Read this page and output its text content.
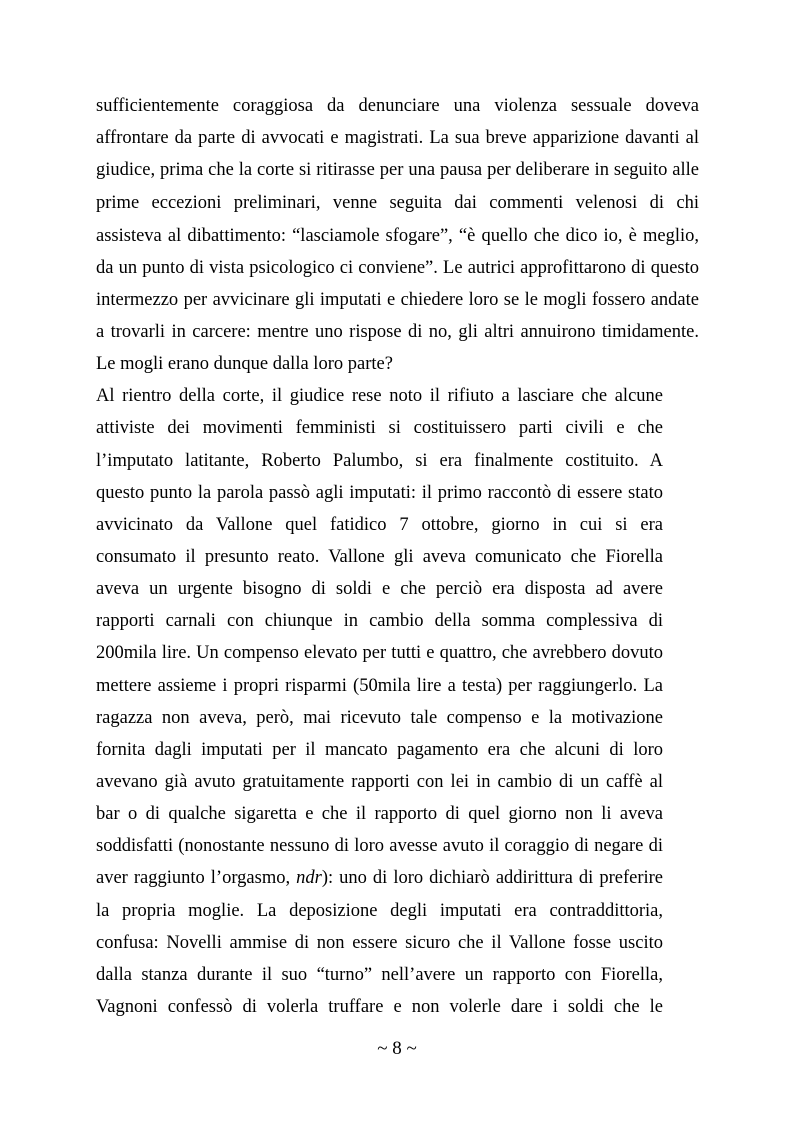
sufficientemente coraggiosa da denunciare una violenza sessuale doveva
affrontare da parte di avvocati e magistrati. La sua breve apparizione davanti al
giudice, prima che la corte si ritirasse per una pausa per deliberare in seguito alle
prime eccezioni preliminari, venne seguita dai commenti velenosi di chi
assisteva al dibattimento: “lasciamole sfogare”, “è quello che dico io, è meglio,
da un punto di vista psicologico ci conviene”. Le autrici approfittarono di questo
intermezzo per avvicinare gli imputati e chiedere loro se le mogli fossero andate
a trovarli in carcere: mentre uno rispose di no, gli altri annuirono timidamente.
Le mogli erano dunque dalla loro parte?
Al rientro della corte, il giudice rese noto il rifiuto a lasciare che alcune
attiviste dei movimenti femministi si costituissero parti civili e che
l’imputato latitante, Roberto Palumbo, si era finalmente costituito. A
questo punto la parola passò agli imputati: il primo raccontò di essere stato
avvicinato da Vallone quel fatidico 7 ottobre, giorno in cui si era
consumato il presunto reato. Vallone gli aveva comunicato che Fiorella
aveva un urgente bisogno di soldi e che perciò era disposta ad avere
rapporti carnali con chiunque in cambio della somma complessiva di
200mila lire. Un compenso elevato per tutti e quattro, che avrebbero dovuto
mettere assieme i propri risparmi (50mila lire a testa) per raggiungerlo. La
ragazza non aveva, però, mai ricevuto tale compenso e la motivazione
fornita dagli imputati per il mancato pagamento era che alcuni di loro
avevano già avuto gratuitamente rapporti con lei in cambio di un caffè al
bar o di qualche sigaretta e che il rapporto di quel giorno non li aveva
soddisfatti (nonostante nessuno di loro avesse avuto il coraggio di negare di
aver raggiunto l’orgasmo, ndr): uno di loro dichiarò addirittura di preferire
la propria moglie. La deposizione degli imputati era contraddittoria,
confusa: Novelli ammise di non essere sicuro che il Vallone fosse uscito
dalla stanza durante il suo “turno” nell’avere un rapporto con Fiorella,
Vagnoni confessò di volerla truffare e non volerle dare i soldi che le
~ 8 ~
